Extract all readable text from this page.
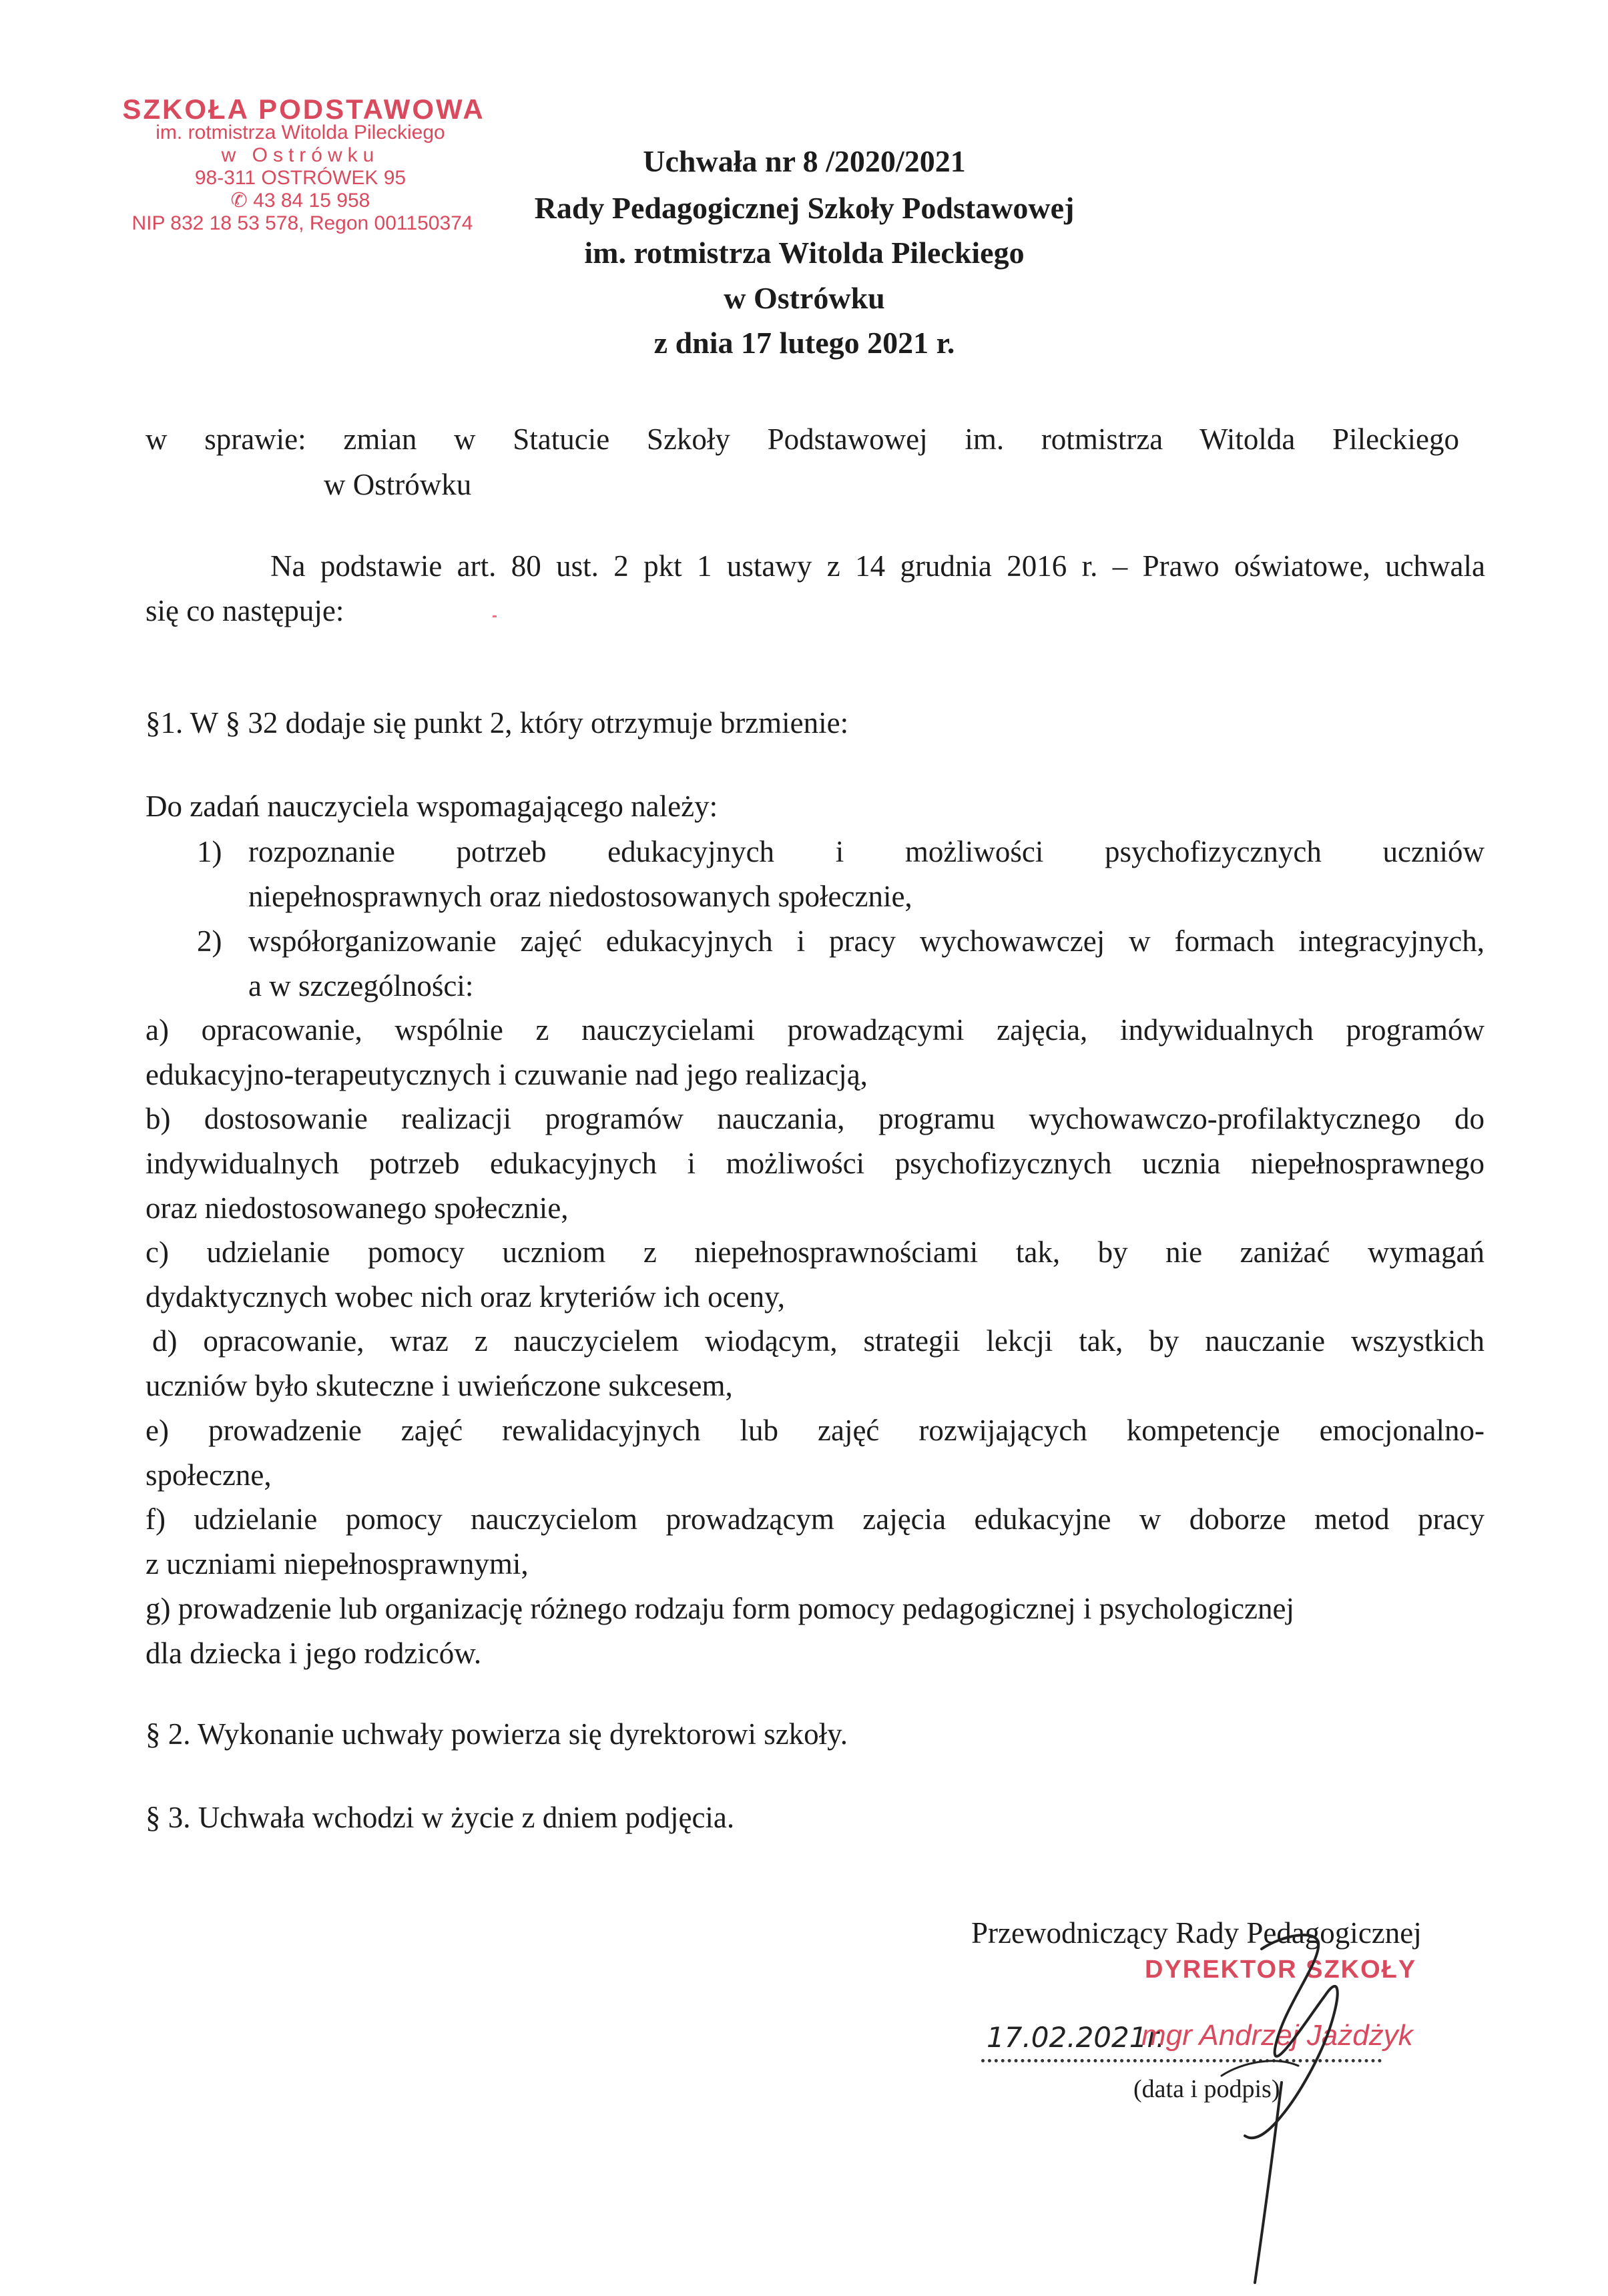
SZKOŁA PODSTAWOWA
im. rotmistrza Witolda Pileckiego
w Ostrówku
98-311 OSTRÓWEK 95
✆ 43 84 15 958
NIP 832 18 53 578, Regon 001150374
Uchwała nr 8 /2020/2021
Rady Pedagogicznej Szkoły Podstawowej
im. rotmistrza Witolda Pileckiego
w Ostrówku
z dnia 17 lutego 2021 r.
w sprawie: zmian w Statucie Szkoły Podstawowej im. rotmistrza Witolda Pileckiego
w Ostrówku
Na podstawie art. 80 ust. 2 pkt 1 ustawy z 14 grudnia 2016 r. – Prawo oświatowe, uchwala
się co następuje:
§1. W § 32 dodaje się punkt 2, który otrzymuje brzmienie:
Do zadań nauczyciela wspomagającego należy:
1) rozpoznanie potrzeb edukacyjnych i możliwości psychofizycznych uczniów
niepełnosprawnych oraz niedostosowanych społecznie,
2) współorganizowanie zajęć edukacyjnych i pracy wychowawczej w formach integracyjnych,
a w szczególności:
a) opracowanie, wspólnie z nauczycielami prowadzącymi zajęcia, indywidualnych programów
edukacyjno-terapeutycznych i czuwanie nad jego realizacją,
b) dostosowanie realizacji programów nauczania, programu wychowawczo-profilaktycznego do
indywidualnych potrzeb edukacyjnych i możliwości psychofizycznych ucznia niepełnosprawnego
oraz niedostosowanego społecznie,
c) udzielanie pomocy uczniom z niepełnosprawnościami tak, by nie zaniżać wymagań
dydaktycznych wobec nich oraz kryteriów ich oceny,
d) opracowanie, wraz z nauczycielem wiodącym, strategii lekcji tak, by nauczanie wszystkich
uczniów było skuteczne i uwieńczone sukcesem,
e) prowadzenie zajęć rewalidacyjnych lub zajęć rozwijających kompetencje emocjonalno-
społeczne,
f) udzielanie pomocy nauczycielom prowadzącym zajęcia edukacyjne w doborze metod pracy
z uczniami niepełnosprawnymi,
g) prowadzenie lub organizację różnego rodzaju form pomocy pedagogicznej i psychologicznej
dla dziecka i jego rodziców.
§ 2. Wykonanie uchwały powierza się dyrektorowi szkoły.
§ 3. Uchwała wchodzi w życie z dniem podjęcia.
Przewodniczący Rady Pedagogicznej
DYREKTOR SZKOŁY
17.02.2021r.
mgr Andrzej Jażdżyk
(data i podpis)
